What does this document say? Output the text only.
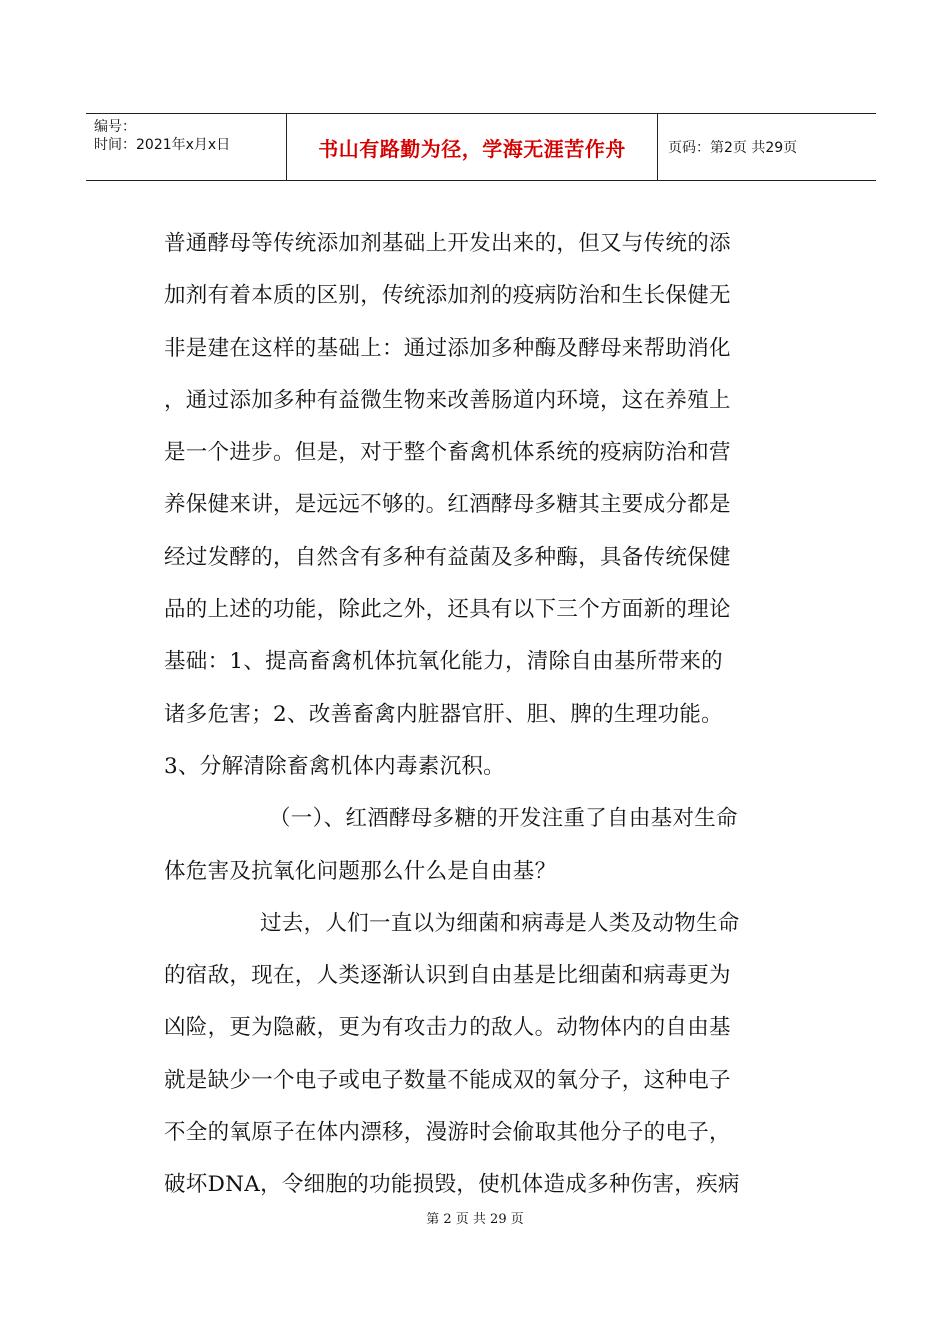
编号：
时间：2021年x月x日	书山有路勤为径，学海无涯苦作舟	页码：第2页 共29页
普通酵母等传统添加剂基础上开发出来的，但又与传统的添
加剂有着本质的区别，传统添加剂的疫病防治和生长保健无
非是建在这样的基础上：通过添加多种酶及酵母来帮助消化
，通过添加多种有益微生物来改善肠道内环境，这在养殖上
是一个进步。但是，对于整个畜禽机体系统的疫病防治和营
养保健来讲，是远远不够的。红酒酵母多糖其主要成分都是
经过发酵的，自然含有多种有益菌及多种酶，具备传统保健
品的上述的功能，除此之外，还具有以下三个方面新的理论
基础：1、提高畜禽机体抗氧化能力，清除自由基所带来的
诸多危害；2、改善畜禽内脏器官肝、胆、脾的生理功能。
3、分解清除畜禽机体内毒素沉积。
（一）、红酒酵母多糖的开发注重了自由基对生命
体危害及抗氧化问题那么什么是自由基？
过去，人们一直以为细菌和病毒是人类及动物生命
的宿敌，现在，人类逐渐认识到自由基是比细菌和病毒更为
凶险，更为隐蔽，更为有攻击力的敌人。动物体内的自由基
就是缺少一个电子或电子数量不能成双的氧分子，这种电子
不全的氧原子在体内漂移，漫游时会偷取其他分子的电子，
破坏DNA，令细胞的功能损毁，使机体造成多种伤害，疾病
第 2 页 共 29 页
